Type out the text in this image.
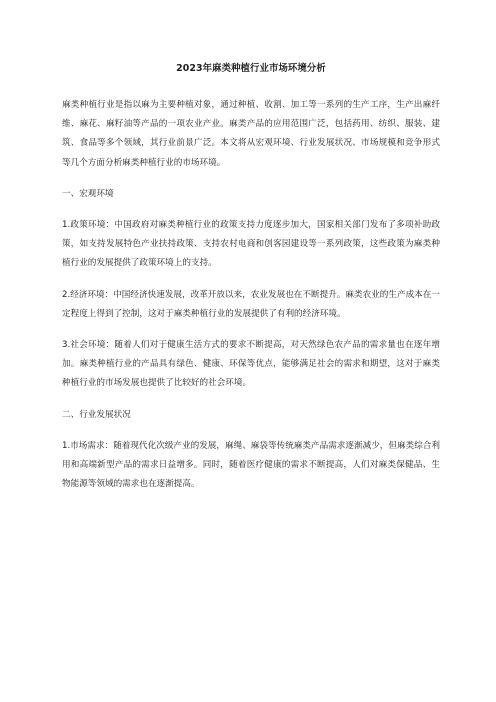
2023年麻类种植行业市场环境分析

麻类种植行业是指以麻为主要种植对象，通过种植、收割、加工等一系列的生产工序，生产出麻纤维、麻花、麻籽油等产品的一项农业产业。麻类产品的应用范围广泛，包括药用、纺织、服装、建筑、食品等多个领域，其行业前景广泛。本文将从宏观环境、行业发展状况、市场规模和竞争形式等几个方面分析麻类种植行业的市场环境。

一、宏观环境

1.政策环境：中国政府对麻类种植行业的政策支持力度逐步加大，国家相关部门发布了多项补助政策，如支持发展特色产业扶持政策、支持农村电商和创客园建设等一系列政策，这些政策为麻类种植行业的发展提供了政策环境上的支持。

2.经济环境：中国经济快速发展，改革开放以来，农业发展也在不断提升。麻类农业的生产成本在一定程度上得到了控制，这对于麻类种植行业的发展提供了有利的经济环境。

3.社会环境：随着人们对于健康生活方式的要求不断提高，对天然绿色农产品的需求量也在逐年增加。麻类种植行业的产品具有绿色、健康、环保等优点，能够满足社会的需求和期望，这对于麻类种植行业的市场发展也提供了比较好的社会环境。

二、行业发展状况

1.市场需求：随着现代化次级产业的发展，麻绳、麻袋等传统麻类产品需求逐渐减少，但麻类综合利用和高端新型产品的需求日益增多。同时，随着医疗健康的需求不断提高，人们对麻类保健品、生物能源等领域的需求也在逐渐提高。
